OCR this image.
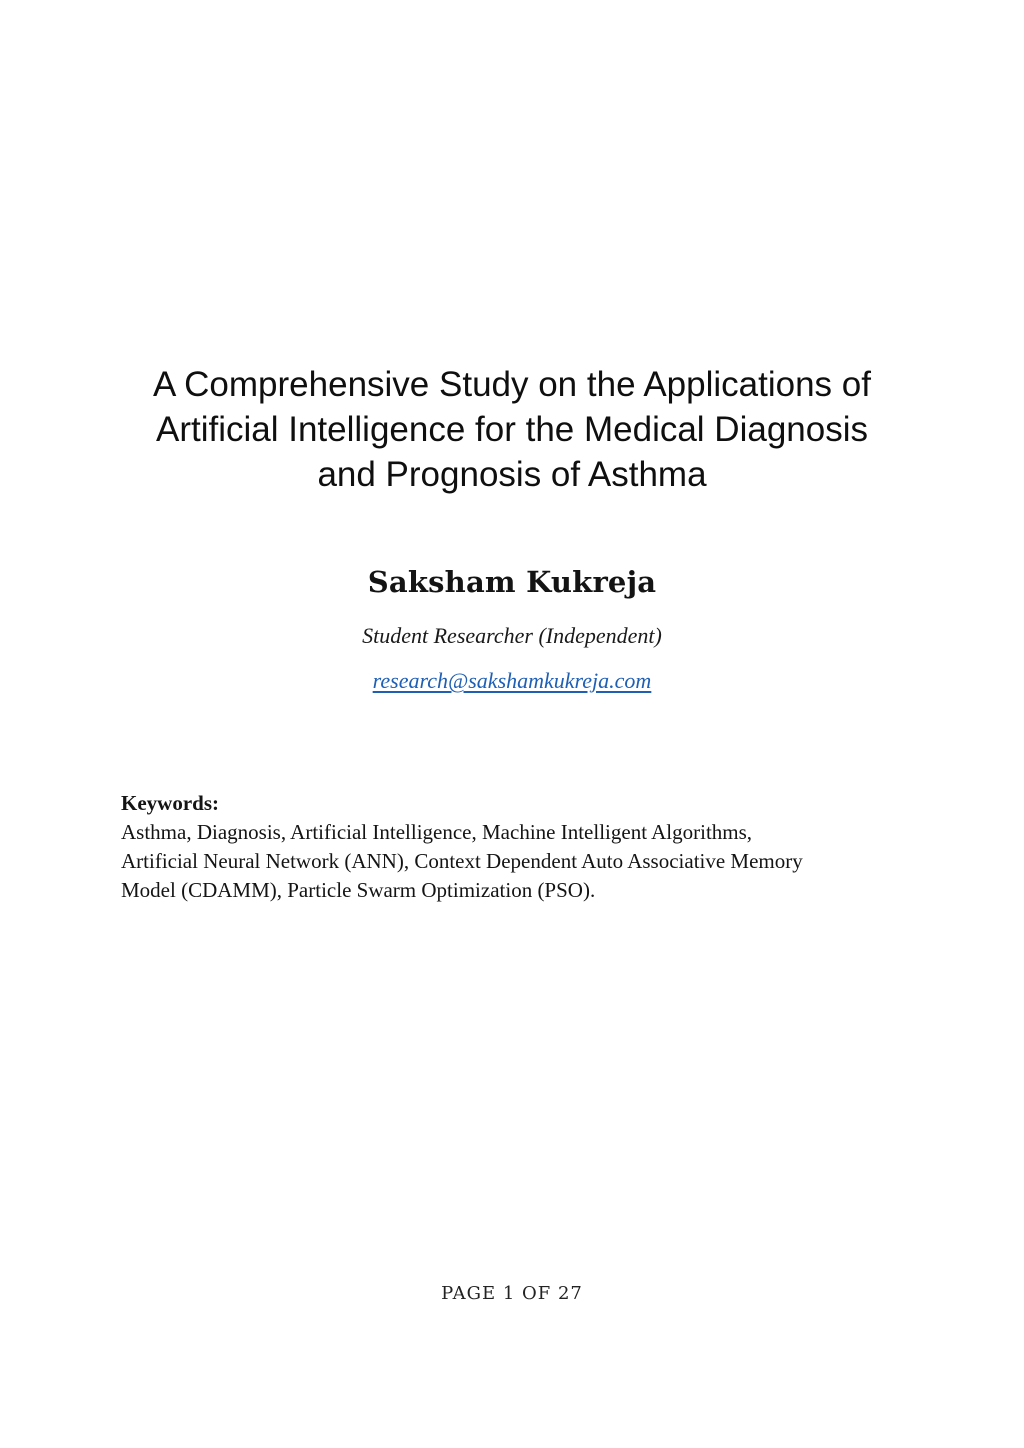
A Comprehensive Study on the Applications of
Artificial Intelligence for the Medical Diagnosis
and Prognosis of Asthma
Saksham Kukreja
Student Researcher (Independent)
research@sakshamkukreja.com
Keywords:
Asthma, Diagnosis, Artificial Intelligence, Machine Intelligent Algorithms,
Artificial Neural Network (ANN), Context Dependent Auto Associative Memory
Model (CDAMM), Particle Swarm Optimization (PSO).
PAGE 1 OF 27
